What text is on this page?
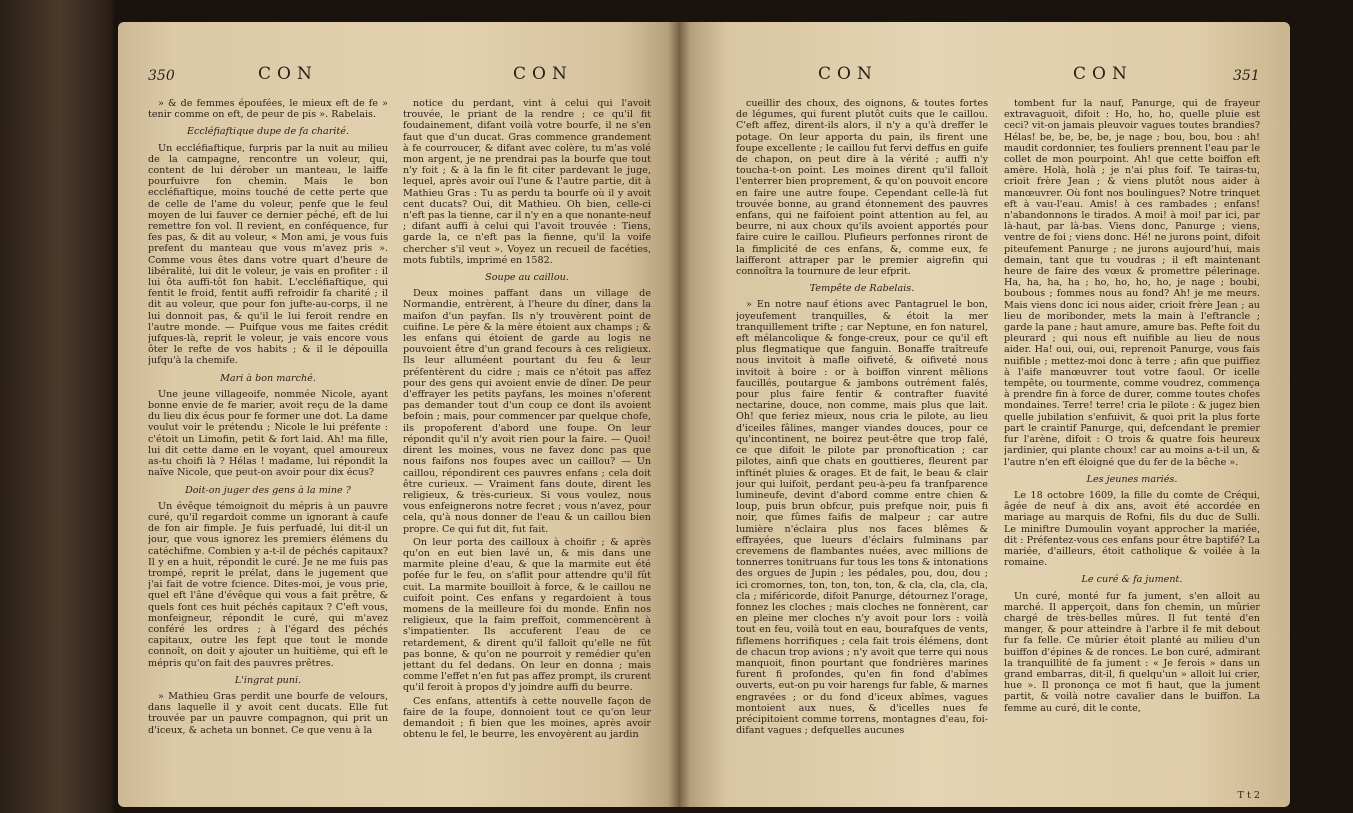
350	CON	CON

» & de femmes époufées, le mieux eft de fe » tenir comme on eft, de peur de pis ». Rabelais.

Eccléfiaftique dupe de fa charité.

Un eccléfiaftique, furpris par la nuit au milieu de la campagne, rencontre un voleur, qui, content de lui dérober un manteau, le laiffe pourfuivre fon chemin. Mais le bon eccléfiaftique, moins touché de cette perte que de celle de l'ame du voleur, penfe que le feul moyen de lui fauver ce dernier péché, eft de lui remettre fon vol. Il revient, en conféquence, fur fes pas, & dit au voleur, « Mon ami, je vous fuis prefent du manteau que vous m'avez pris ». Comme vous êtes dans votre quart d'heure de libéralité, lui dit le voleur, je vais en profiter : il lui ôta auffi-tôt fon habit. L'eccléfiaftique, qui fentit le froid, fentit auffi refroidir fa charité ; il dit au voleur, que pour fon jufte-au-corps, il ne lui donnoit pas, & qu'il le lui feroit rendre en l'autre monde. — Puifque vous me faites crédit jufques-là, reprit le voleur, je vais encore vous ôter le refte de vos habits ; & il le dépouilla jufqu'à la chemife.

Mari à bon marché.

Une jeune villageoife, nommée Nicole, ayant bonne envie de fe marier, avoit reçu de la dame du lieu dix écus pour fe former une dot. La dame voulut voir le prétendu ; Nicole le lui préfente : c'étoit un Limofin, petit & fort laid. Ah! ma fille, lui dit cette dame en le voyant, quel amoureux as-tu choifi là ? Hélas ! madame, lui répondit la naïve Nicole, que peut-on avoir pour dix écus?

Doit-on juger des gens à la mine ?

Un évêque témoignoit du mépris à un pauvre curé, qu'il regardoit comme un ignorant à caufe de fon air fimple. Je fuis perfuadé, lui dit-il un jour, que vous ignorez les premiers élémens du catéchifme. Combien y a-t-il de péchés capitaux? Il y en a huit, répondit le curé. Je ne me fuis pas trompé, reprit le prélat, dans le jugement que j'ai fait de votre fcience. Dites-moi, je vous prie, quel eft l'âne d'évêque qui vous a fait prêtre, & quels font ces huit péchés capitaux ? C'eft vous, monfeigneur, répondit le curé, qui m'avez conféré les ordres ; à l'égard des péchés capitaux, outre les fept que tout le monde connoît, on doit y ajouter un huitième, qui eft le mépris qu'on fait des pauvres prêtres.

L'ingrat puni.

» Mathieu Gras perdit une bourfe de velours, dans laquelle il y avoit cent ducats. Elle fut trouvée par un pauvre compagnon, qui prit un d'iceux, & acheta un bonnet. Ce que venu à la

notice du perdant, vint à celui qui l'avoit trouvée, le priant de la rendre ; ce qu'il fit foudainement, difant voilà votre bourfe, il ne s'en faut que d'un ducat. Gras commence grandement à fe courroucer, & difant avec colère, tu m'as volé mon argent, je ne prendrai pas la bourfe que tout n'y foit ; & à la fin le fit citer pardevant le juge, lequel, après avoir ouï l'une & l'autre partie, dit à Mathieu Gras : Tu as perdu ta bourfe où il y avoit cent ducats? Oui, dit Mathieu. Oh bien, celle-ci n'eft pas la tienne, car il n'y en a que nonante-neuf ; difant auffi à celui qui l'avoit trouvée : Tiens, garde la, ce n'eft pas la fienne, qu'il la voife chercher s'il veut ». Voyez un recueil de facéties, mots fubtils, imprimé en 1582.

Soupe au caillou.

Deux moines paffant dans un village de Normandie, entrèrent, à l'heure du dîner, dans la maifon d'un payfan. Ils n'y trouvèrent point de cuifine. Le père & la mère étoient aux champs ; & les enfans qui étoient de garde au logis ne pouvoient être d'un grand fecours à ces religieux. Ils leur alluméent pourtant du feu & leur préfentèrent du cidre ; mais ce n'étoit pas affez pour des gens qui avoient envie de dîner. De peur d'effrayer les petits payfans, les moines n'oferent pas demander tout d'un coup ce dont ils avoient befoin ; mais, pour commencer par quelque chofe, ils propoferent d'abord une foupe. On leur répondit qu'il n'y avoit rien pour la faire. — Quoi! dirent les moines, vous ne favez donc pas que nous faifons nos foupes avec un caillou? — Un caillou, répondirent ces pauvres enfans ; cela doit être curieux. — Vraiment fans doute, dirent les religieux, & très-curieux. Si vous voulez, nous vous enfeignerons notre fecret ; vous n'avez, pour cela, qu'à nous donner de l'eau & un caillou bien propre. Ce qui fut dit, fut fait.

On leur porta des cailloux à choifir ; & après qu'on en eut bien lavé un, & mis dans une marmite pleine d'eau, & que la marmite eut été pofée fur le feu, on s'aflit pour attendre qu'il fût cuit. La marmite bouilloit à force, & le caillou ne cuifoit point. Ces enfans y regardoient à tous momens de la meilleure foi du monde. Enfin nos religieux, que la faim preffoit, commencèrent à s'impatienter. Ils accuferent l'eau de ce retardement, & dirent qu'il falloit qu'elle ne fût pas bonne, & qu'on ne pourroit y remédier qu'en jettant du fel dedans. On leur en donna ; mais comme l'effet n'en fut pas affez prompt, ils crurent qu'il feroit à propos d'y joindre auffi du beurre.

Ces enfans, attentifs à cette nouvelle façon de faire de la foupe, donnoient tout ce qu'on leur demandoit ; fi bien que les moines, après avoir obtenu le fel, le beurre, les envoyèrent au jardin

CON	CON	351

cueillir des choux, des oignons, & toutes fortes de légumes, qui furent plutôt cuits que le caillou. C'eft affez, dirent-ils alors, il n'y a qu'à dreffer le potage. On leur apporta du pain, ils firent une foupe excellente ; le caillou fut fervi deffus en guife de chapon, on peut dire à la vérité ; auffi n'y toucha-t-on point. Les moines dirent qu'il falloit l'enterrer bien proprement, & qu'on pouvoit encore en faire une autre foupe. Cependant celle-là fut trouvée bonne, au grand étonnement des pauvres enfans, qui ne faifoient point attention au fel, au beurre, ni aux choux qu'ils avoient apportés pour faire cuire le caillou. Plufieurs perfonnes riront de la fimplicité de ces enfans, &, comme eux, fe laifferont attraper par le premier aigrefin qui connoîtra la tournure de leur efprit.

Tempête de Rabelais.

» En notre nauf étions avec Pantagruel le bon, joyeufement tranquilles, & étoit la mer tranquillement trifte ; car Neptune, en fon naturel, eft mélancolique & fonge-creux, pour ce qu'il eft plus flegmatique que fanguin. Bonaffe traîtreufe nous invitoit à mafle oifiveté, & oifiveté nous invitoit à boire : or à boiffon vinrent mêlions faucillés, poutargue & jambons outrément falés, pour plus faire fentir & contrafter fuavité nectarine, douce, non comme, mais plus que lait. Oh! que feriez mieux, nous cria le pilote, au lieu d'iceiles fâlines, manger viandes douces, pour ce qu'incontinent, ne boirez peut-être que trop falé, ce que difoit le pilote par pronoftication ; car pilotes, ainfi que chats en gouttieres, fleurent par inftinét pluies & orages. Et de fait, le beau & clair jour qui luifoit, perdant peu-à-peu fa tranfparence lumineufe, devint d'abord comme entre chien & loup, puis brun obfcur, puis prefque noir, puis fi noir, que fûmes faifis de malpeur ; car autre lumière n'éclaira plus nos faces blêmes & effrayées, que lueurs d'éclairs fulminans par crevemens de flambantes nuées, avec millions de tonnerres tonitruans fur tous les tons & intonations des orgues de Jupin ; les pédales, pou, dou, dou ; ici cromornes, ton, ton, ton, ton, & cla, cla, cla, cla, cla ; miféricorde, difoit Panurge, détournez l'orage, fonnez les cloches ; mais cloches ne fonnèrent, car en pleine mer cloches n'y avoit pour lors : voilà tout en feu, voilà tout en eau, bourafques de vents, fiflemens horrifiques ; cela fait trois élémens, dont de chacun trop avions ; n'y avoit que terre qui nous manquoit, finon pourtant que fondrières marines furent fi profondes, qu'en fin fond d'abîmes ouverts, eut-on pu voir harengs fur fable, & marnes engravées ; or du fond d'iceux abîmes, vagues montoient aux nues, & d'icelles nues fe précipitoient comme torrens, montagnes d'eau, foi-difant vagues ; defquelles aucunes

tombent fur la nauf, Panurge, qui de frayeur extravaguoit, difoit : Ho, ho, ho, quelle pluie est ceci? vit-on jamais pleuvoir vagues toutes brandies? Hélas! be, be, be, be, je nage ; bou, bou, bou : ah! maudit cordonnier, tes fouliers prennent l'eau par le collet de mon pourpoint. Ah! que cette boiffon eft amère. Holà, holà ; je n'ai plus foif. Te tairas-tu, crioit frère Jean ; & viens plutôt nous aider à manœuvrer. Où font nos boulingues? Notre trinquet eft à vau-l'eau. Amis! à ces rambades ; enfans! n'abandonnons le tirados. A moi! à moi! par ici, par là-haut, par là-bas. Viens donc, Panurge ; viens, ventre de foi ; viens donc. Hé! ne jurons point, difoit piteufement Panurge ; ne jurons aujourd'hui, mais demain, tant que tu voudras ; il eft maintenant heure de faire des vœux & promettre pélerinage. Ha, ha, ha, ha ; ho, ho, ho, ho, je nage ; boubi, boubous ; fommes nous au fond? Ah! je me meurs. Mais viens donc ici nous aider, crioit frère Jean ; au lieu de moribonder, mets la main à l'eftrancle ; garde la pane ; haut amure, amure bas. Pefte foit du pleurard ; qui nous eft nuifible au lieu de nous aider. Ha! oui, oui, oui, reprenoit Panurge, vous fais nuifible ; mettez-moi donc à terre ; afin que puiffiez à l'aife manœuvrer tout votre faoul. Or icelle tempête, ou tourmente, comme voudrez, commença à prendre fin à force de durer, comme toutes chofes mondaines. Terre! terre! cria le pilote : & jugez bien quelle jubilation s'enfuivit, & quoi prit la plus forte part le craintif Panurge, qui, defcendant le premier fur l'arène, difoit : O trois & quatre fois heureux jardinier, qui plante choux! car au moins a-t-il un, & l'autre n'en eft éloigné que du fer de la bêche ».

Les jeunes mariés.

Le 18 octobre 1609, la fille du comte de Créqui, âgée de neuf à dix ans, avoit été accordée en mariage au marquis de Rofni, fils du duc de Sulli. Le miniftre Dumoulin voyant approcher la mariée, dit : Préfentez-vous ces enfans pour être baptifé? La mariée, d'ailleurs, étoit catholique & voilée à la romaine.

Le curé & fa jument.

Un curé, monté fur fa jument, s'en alloit au marché. Il apperçoit, dans fon chemin, un mûrier chargé de très-belles mûres. Il fut tenté d'en manger, & pour atteindre à l'arbre il fe mit debout fur fa felle. Ce mûrier étoit planté au milieu d'un buiffon d'épines & de ronces. Le bon curé, admirant la tranquillité de fa jument : « Je ferois » dans un grand embarras, dit-il, fi quelqu'un » alloit lui crier, hue ». Il prononça ce mot fi haut, que la jument partit, & voilà notre cavalier dans le buiffon. La femme au curé, dit le conte,

T t 2
